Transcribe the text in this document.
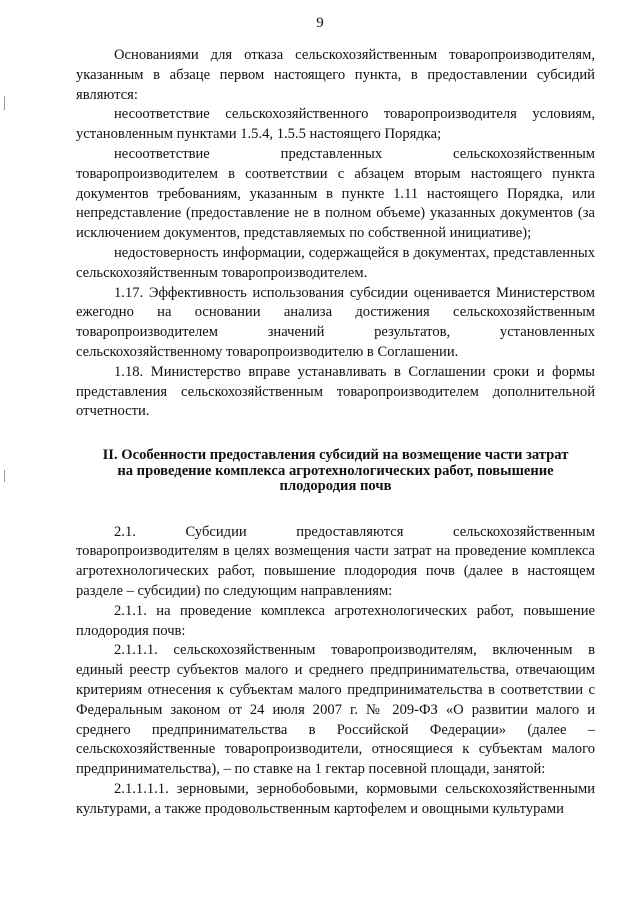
9

Основаниями для отказа сельскохозяйственным товаропроизводителям, указанным в абзаце первом настоящего пункта, в предоставлении субсидий являются:

несоответствие сельскохозяйственного товаропроизводителя условиям, установленным пунктами 1.5.4, 1.5.5 настоящего Порядка;

несоответствие представленных сельскохозяйственным товаропроизводителем в соответствии с абзацем вторым настоящего пункта документов требованиям, указанным в пункте 1.11 настоящего Порядка, или непредставление (предоставление не в полном объеме) указанных документов (за исключением документов, представляемых по собственной инициативе);

недостоверность информации, содержащейся в документах, представленных сельскохозяйственным товаропроизводителем.

1.17. Эффективность использования субсидии оценивается Министерством ежегодно на основании анализа достижения сельскохозяйственным товаропроизводителем значений результатов, установленных сельскохозяйственному товаропроизводителю в Соглашении.

1.18. Министерство вправе устанавливать в Соглашении сроки и формы представления сельскохозяйственным товаропроизводителем дополнительной отчетности.

II. Особенности предоставления субсидий на возмещение части затрат
на проведение комплекса агротехнологических работ, повышение
плодородия почв

2.1. Субсидии предоставляются сельскохозяйственным товаропроизводителям в целях возмещения части затрат на проведение комплекса агротехнологических работ, повышение плодородия почв (далее в настоящем разделе – субсидии) по следующим направлениям:

2.1.1. на проведение комплекса агротехнологических работ, повышение плодородия почв:

2.1.1.1. сельскохозяйственным товаропроизводителям, включенным в единый реестр субъектов малого и среднего предпринимательства, отвечающим критериям отнесения к субъектам малого предпринимательства в соответствии с Федеральным законом от 24 июля 2007 г. № 209-ФЗ «О развитии малого и среднего предпринимательства в Российской Федерации» (далее – сельскохозяйственные товаропроизводители, относящиеся к субъектам малого предпринимательства), – по ставке на 1 гектар посевной площади, занятой:

2.1.1.1.1. зерновыми, зернобобовыми, кормовыми сельскохозяйственными культурами, а также продовольственным картофелем и овощными культурами
